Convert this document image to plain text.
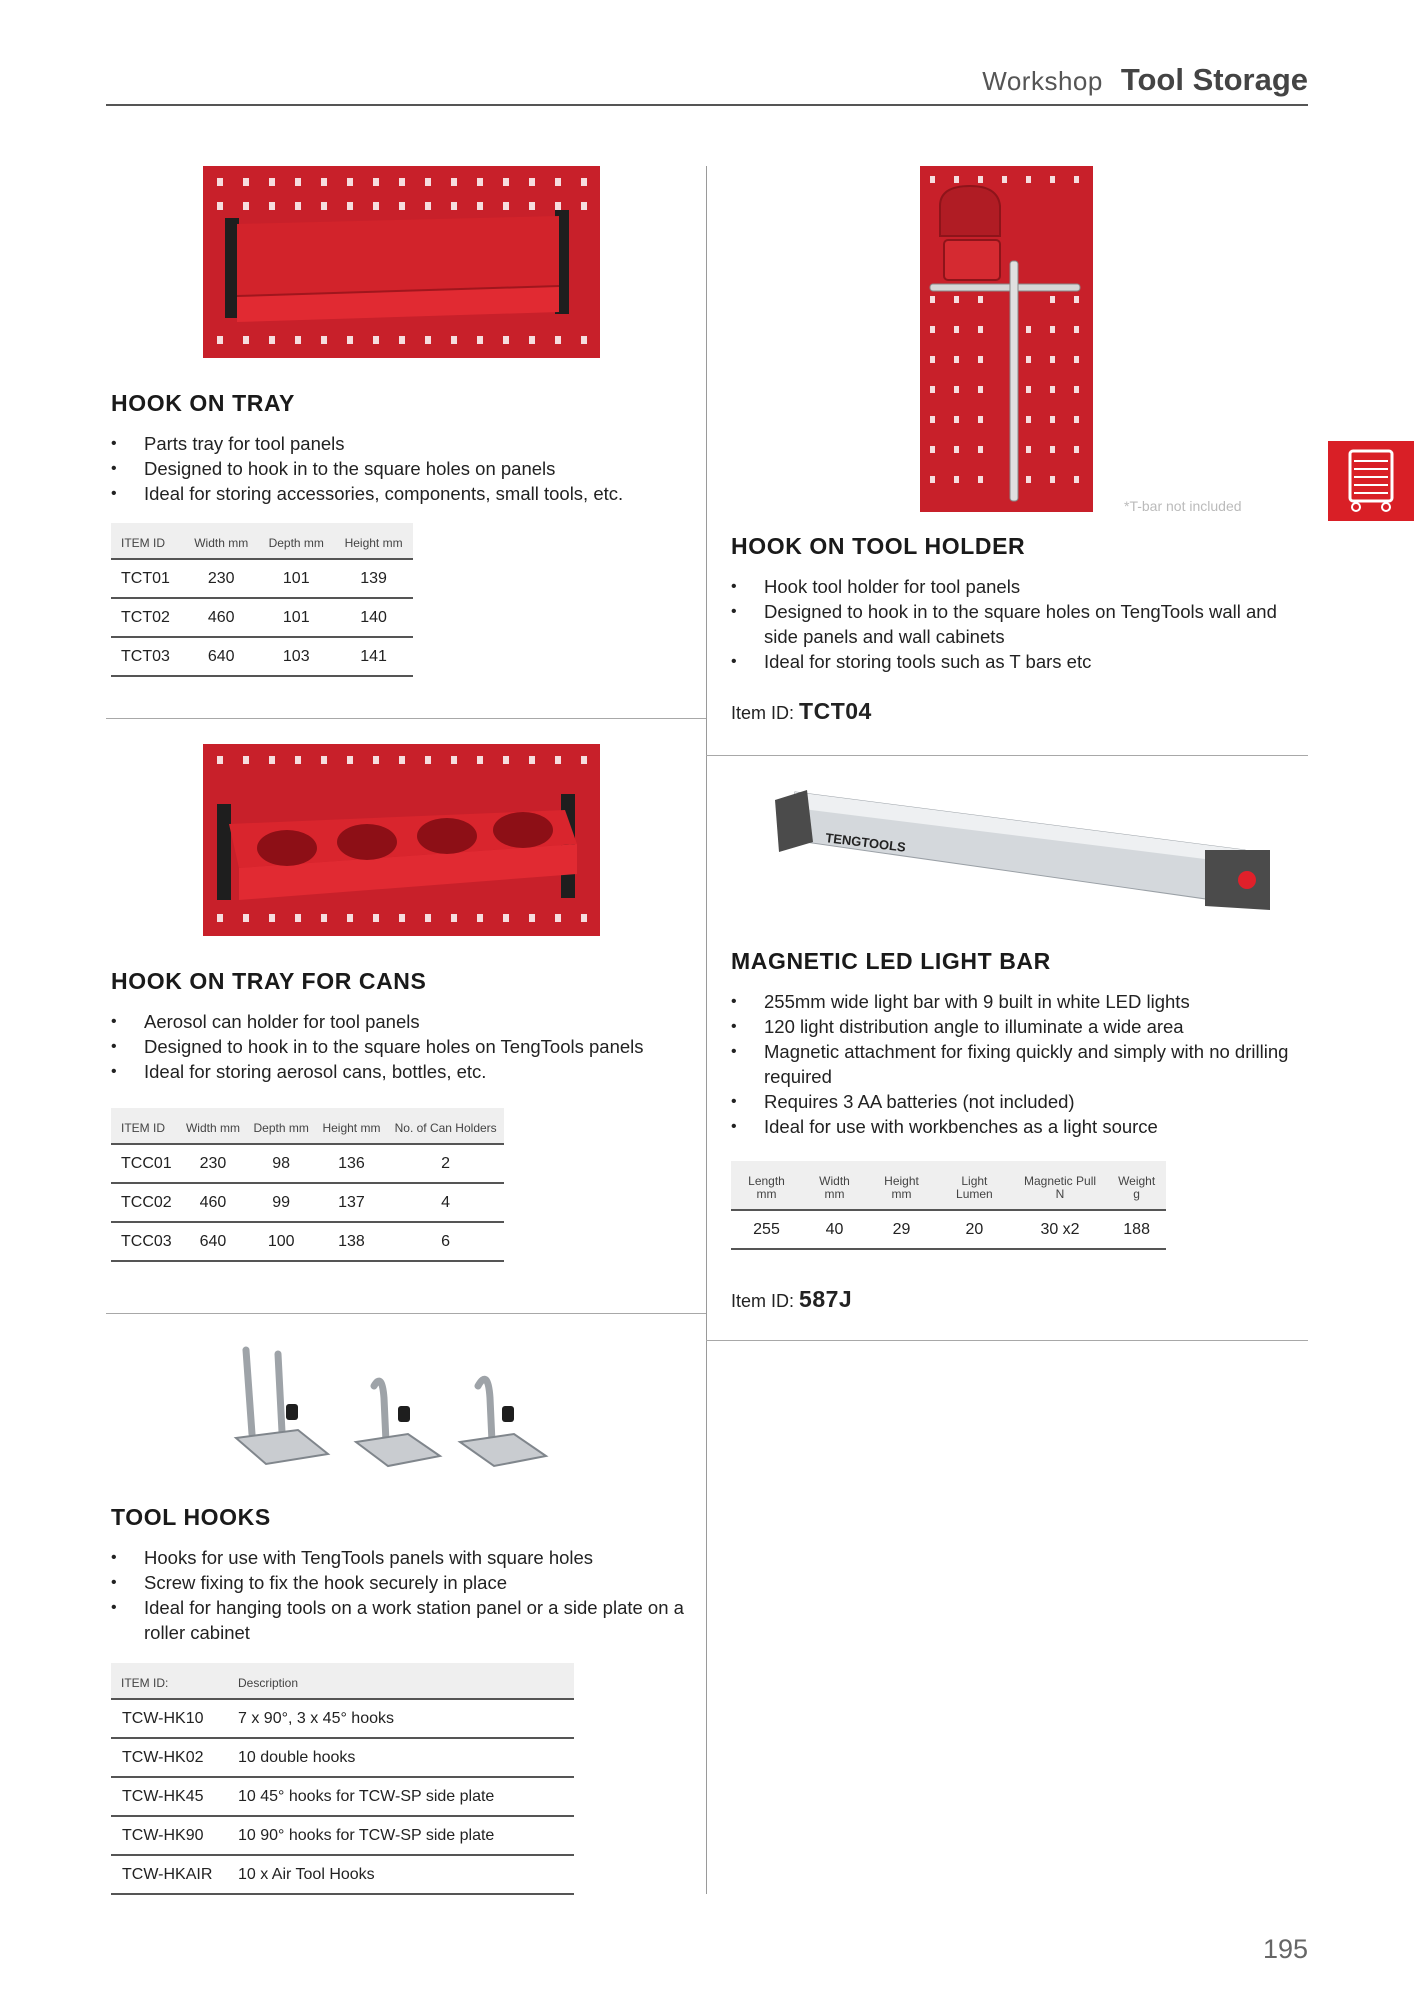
Workshop Tool Storage
HOOK ON TRAY
• Parts tray for tool panels
• Designed to hook in to the square holes on panels
• Ideal for storing accessories, components, small tools, etc.
ITEM ID	Width mm	Depth mm	Height mm
TCT01	230	101	139
TCT02	460	101	140
TCT03	640	103	141
*T-bar not included
HOOK ON TOOL HOLDER
• Hook tool holder for tool panels
• Designed to hook in to the square holes on TengTools wall and side panels and wall cabinets
• Ideal for storing tools such as T bars etc
Item ID: TCT04
HOOK ON TRAY FOR CANS
• Aerosol can holder for tool panels
• Designed to hook in to the square holes on TengTools panels
• Ideal for storing aerosol cans, bottles, etc.
ITEM ID	Width mm	Depth mm	Height mm	No. of Can Holders
TCC01	230	98	136	2
TCC02	460	99	137	4
TCC03	640	100	138	6
TENGTOOLS
MAGNETIC LED LIGHT BAR
• 255mm wide light bar with 9 built in white LED lights
• 120 light distribution angle to illuminate a wide area
• Magnetic attachment for fixing quickly and simply with no drilling required
• Requires 3 AA batteries (not included)
• Ideal for use with workbenches as a light source
Length mm	Width mm	Height mm	Light Lumen	Magnetic Pull N	Weight g
255	40	29	20	30 x2	188
Item ID: 587J
TOOL HOOKS
• Hooks for use with TengTools panels with square holes
• Screw fixing to fix the hook securely in place
• Ideal for hanging tools on a work station panel or a side plate on a roller cabinet
ITEM ID:	Description
TCW-HK10	7 x 90°, 3 x 45° hooks
TCW-HK02	10 double hooks
TCW-HK45	10 45° hooks for TCW-SP side plate
TCW-HK90	10 90° hooks for TCW-SP side plate
TCW-HKAIR	10 x Air Tool Hooks
195
